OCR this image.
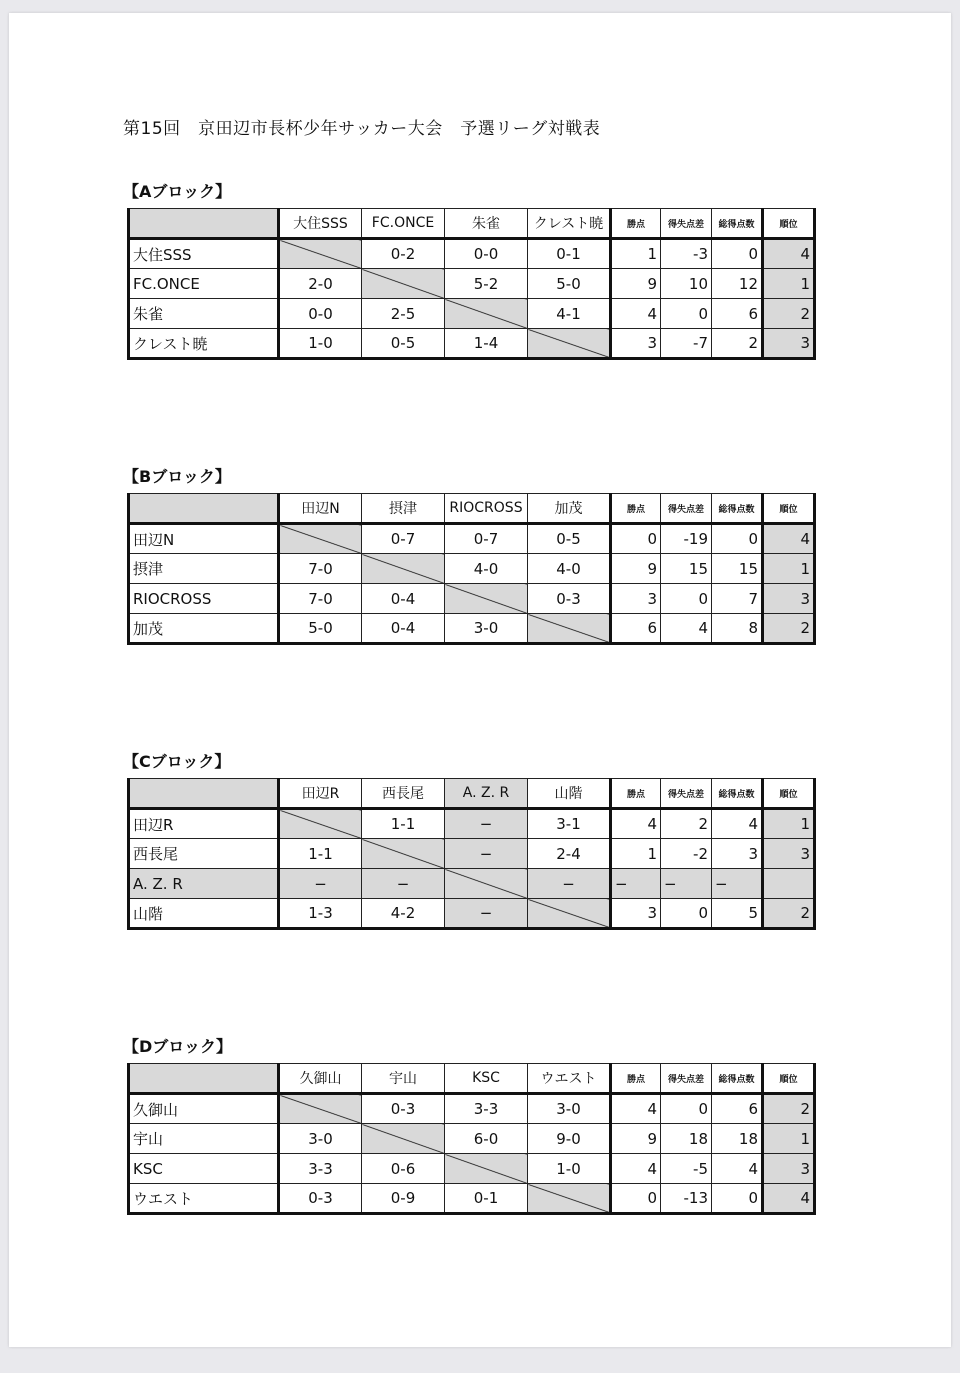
第15回　京田辺市長杯少年サッカー大会　予選リーグ対戦表
【Aブロック】
	大住SSS	FC.ONCE	朱雀	クレスト暁	勝点	得失点差	総得点数	順位
大住SSS		0-2	0-0	0-1	1	-3	0	4
FC.ONCE	2-0		5-2	5-0	9	10	12	1
朱雀	0-0	2-5		4-1	4	0	6	2
クレスト暁	1-0	0-5	1-4		3	-7	2	3
【Bブロック】
	田辺N	摂津	RIOCROSS	加茂	勝点	得失点差	総得点数	順位
田辺N		0-7	0-7	0-5	0	-19	0	4
摂津	7-0		4-0	4-0	9	15	15	1
RIOCROSS	7-0	0-4		0-3	3	0	7	3
加茂	5-0	0-4	3-0		6	4	8	2
【Cブロック】
	田辺R	西長尾	A. Z. R	山階	勝点	得失点差	総得点数	順位
田辺R		1-1	−	3-1	4	2	4	1
西長尾	1-1		−	2-4	1	-2	3	3
A. Z. R	−	−		−	−	−	−	
山階	1-3	4-2	−		3	0	5	2
【Dブロック】
	久御山	宇山	KSC	ウエスト	勝点	得失点差	総得点数	順位
久御山		0-3	3-3	3-0	4	0	6	2
宇山	3-0		6-0	9-0	9	18	18	1
KSC	3-3	0-6		1-0	4	-5	4	3
ウエスト	0-3	0-9	0-1		0	-13	0	4
